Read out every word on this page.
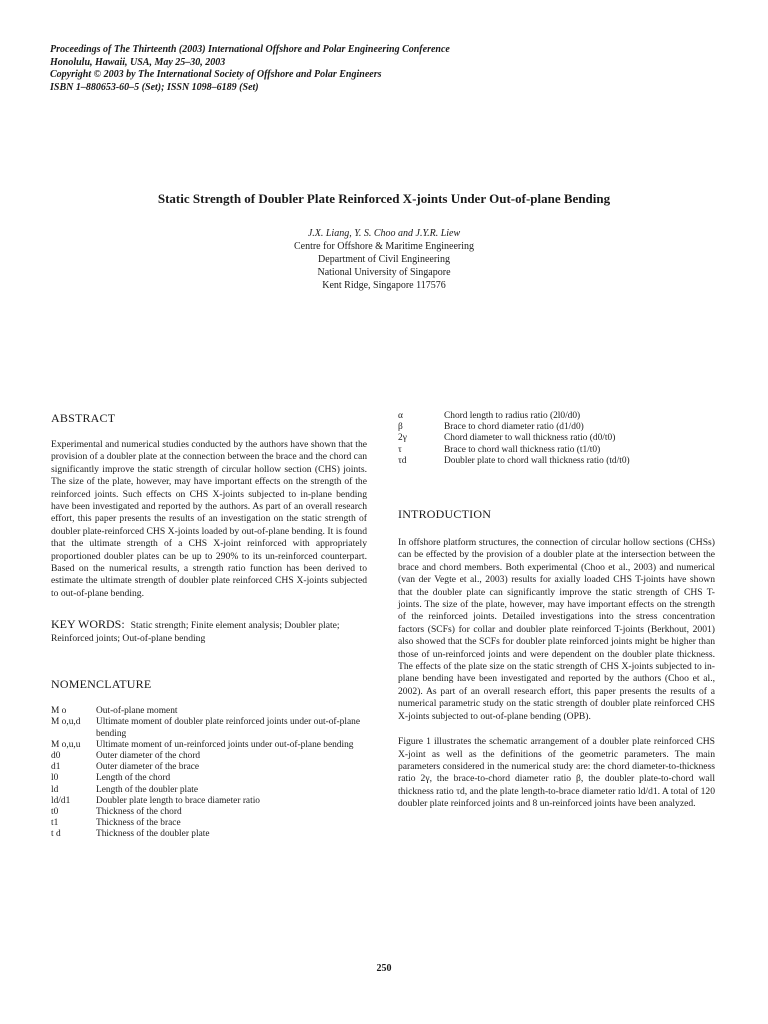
Proceedings of The Thirteenth (2003) International Offshore and Polar Engineering Conference
Honolulu, Hawaii, USA, May 25–30, 2003
Copyright © 2003 by The International Society of Offshore and Polar Engineers
ISBN 1–880653-60–5 (Set); ISSN 1098–6189 (Set)
Static Strength of Doubler Plate Reinforced X-joints Under Out-of-plane Bending
J.X. Liang, Y. S. Choo and J.Y.R. Liew
Centre for Offshore & Maritime Engineering
Department of Civil Engineering
National University of Singapore
Kent Ridge, Singapore 117576
ABSTRACT

Experimental and numerical studies conducted by the authors have shown that the provision of a doubler plate at the connection between the brace and the chord can significantly improve the static strength of circular hollow section (CHS) joints. The size of the plate, however, may have important effects on the strength of the reinforced joints. Such effects on CHS X-joints subjected to in-plane bending have been investigated and reported by the authors. As part of an overall research effort, this paper presents the results of an investigation on the static strength of doubler plate-reinforced CHS X-joints loaded by out-of-plane bending. It is found that the ultimate strength of a CHS X-joint reinforced with appropriately proportioned doubler plates can be up to 290% to its un-reinforced counterpart. Based on the numerical results, a strength ratio function has been derived to estimate the ultimate strength of doubler plate reinforced CHS X-joints subjected to out-of-plane bending.

KEY WORDS: Static strength; Finite element analysis; Doubler plate; Reinforced joints; Out-of-plane bending
NOMENCLATURE
M o	Out-of-plane moment
M o,u,d	Ultimate moment of doubler plate reinforced joints under out-of-plane bending
M o,u,u	Ultimate moment of un-reinforced joints under out-of-plane bending
d0	Outer diameter of the chord
d1	Outer diameter of the brace
l0	Length of the chord
ld	Length of the doubler plate
ld/d1	Doubler plate length to brace diameter ratio
t0	Thickness of the chord
t1	Thickness of the brace
t d	Thickness of the doubler plate
α	Chord length to radius ratio (2l0/d0)
β	Brace to chord diameter ratio (d1/d0)
2γ	Chord diameter to wall thickness ratio (d0/t0)
τ	Brace to chord wall thickness ratio (t1/t0)
τd	Doubler plate to chord wall thickness ratio (td/t0)
INTRODUCTION

In offshore platform structures, the connection of circular hollow sections (CHSs) can be effected by the provision of a doubler plate at the intersection between the brace and chord members. Both experimental (Choo et al., 2003) and numerical (van der Vegte et al., 2003) results for axially loaded CHS T-joints have shown that the doubler plate can significantly improve the static strength of CHS T-joints. The size of the plate, however, may have important effects on the strength of the reinforced joints. Detailed investigations into the stress concentration factors (SCFs) for collar and doubler plate reinforced T-joints (Berkhout, 2001) also showed that the SCFs for doubler plate reinforced joints might be higher than those of un-reinforced joints and were dependent on the doubler plate thickness. The effects of the plate size on the static strength of CHS X-joints subjected to in-plane bending have been investigated and reported by the authors (Choo et al., 2002). As part of an overall research effort, this paper presents the results of a numerical parametric study on the static strength of doubler plate reinforced CHS X-joints subjected to out-of-plane bending (OPB).

Figure 1 illustrates the schematic arrangement of a doubler plate reinforced CHS X-joint as well as the definitions of the geometric parameters. The main parameters considered in the numerical study are: the chord diameter-to-thickness ratio 2γ, the brace-to-chord diameter ratio β, the doubler plate-to-chord wall thickness ratio τd, and the plate length-to-brace diameter ratio ld/d1. A total of 120 doubler plate reinforced joints and 8 un-reinforced joints have been analyzed.

250
